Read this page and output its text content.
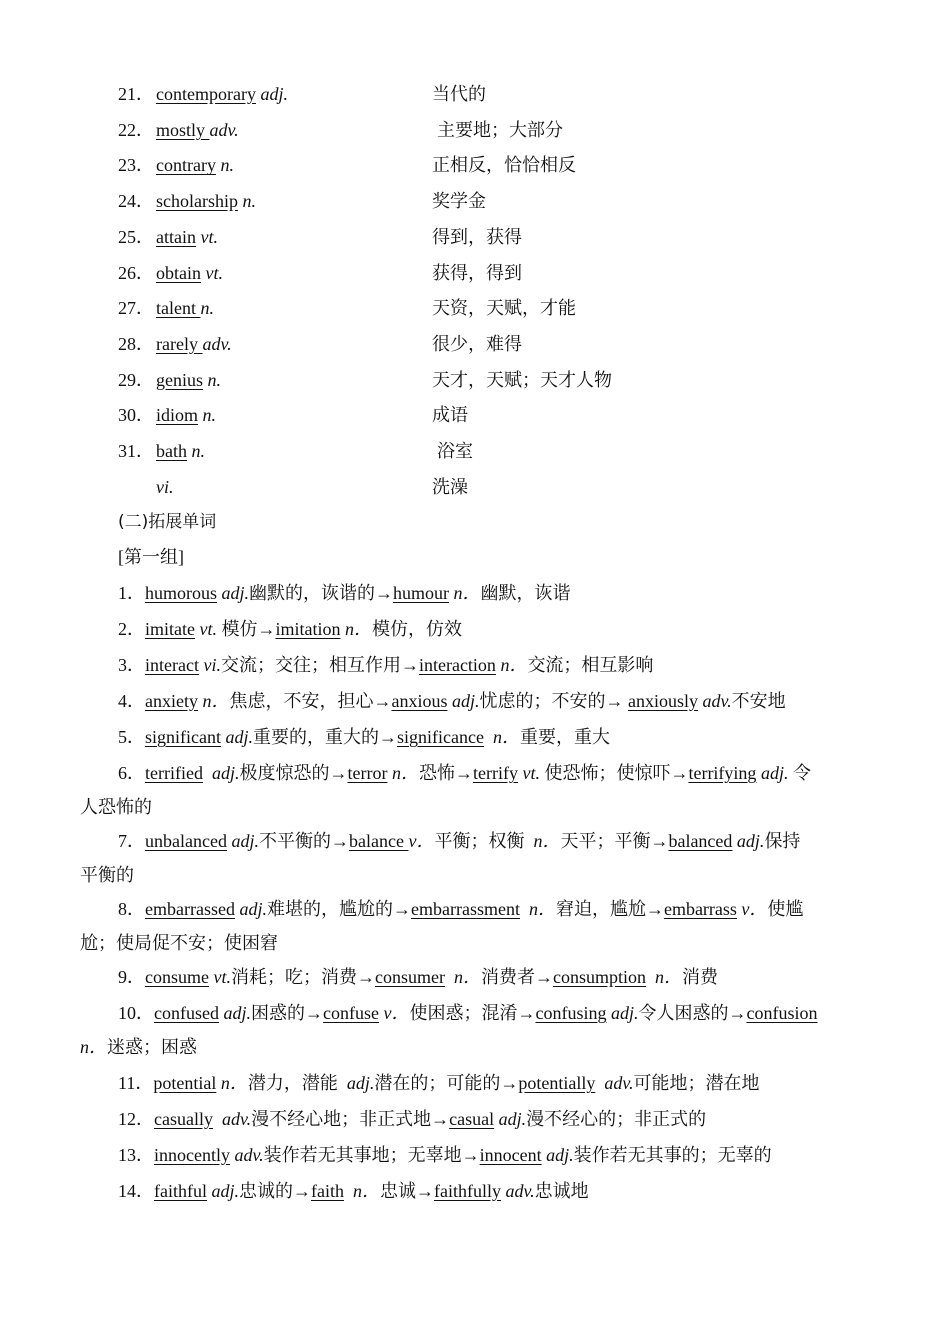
21． contemporary adj.	当代的
22． mostly adv.	主要地；大部分
23． contrary n.	正相反，恰恰相反
24． scholarship n.	奖学金
25． attain vt.	得到，获得
26． obtain vt.	获得，得到
27． talent n.	天资，天赋，才能
28． rarely adv.	很少，难得
29． genius n.	天才，天赋；天才人物
30． idiom n.	成语
31． bath n.	浴室
vi.	洗澡
(二)拓展单词
[第一组]
1．humorous adj.幽默的，诙谐的→humour n．幽默，诙谐
2．imitate vt. 模仿→imitation n．模仿，仿效
3．interact vi.交流；交往；相互作用→interaction n．交流；相互影响
4．anxiety n．焦虑，不安，担心→anxious adj.忧虑的；不安的→ anxiously adv.不安地
5．significant adj.重要的，重大的→significance n．重要，重大
6．terrified adj.极度惊恐的→terror n．恐怖→terrify vt. 使恐怖；使惊吓→terrifying adj. 令
人恐怖的
7．unbalanced adj.不平衡的→balance v．平衡；权衡 n．天平；平衡→balanced adj.保持
平衡的
8．embarrassed adj.难堪的，尴尬的→embarrassment n．窘迫，尴尬→embarrass v．使尴
尬；使局促不安；使困窘
9．consume vt.消耗；吃；消费→consumer n．消费者→consumption n．消费
10．confused adj.困惑的→confuse v．使困惑；混淆→confusing adj.令人困惑的→confusion
n．迷惑；困惑
11．potential n．潜力，潜能 adj.潜在的；可能的→potentially adv.可能地；潜在地
12．casually adv.漫不经心地；非正式地→casual adj.漫不经心的；非正式的
13．innocently adv.装作若无其事地；无辜地→innocent adj.装作若无其事的；无辜的
14．faithful adj.忠诚的→faith n．忠诚→faithfully adv.忠诚地
